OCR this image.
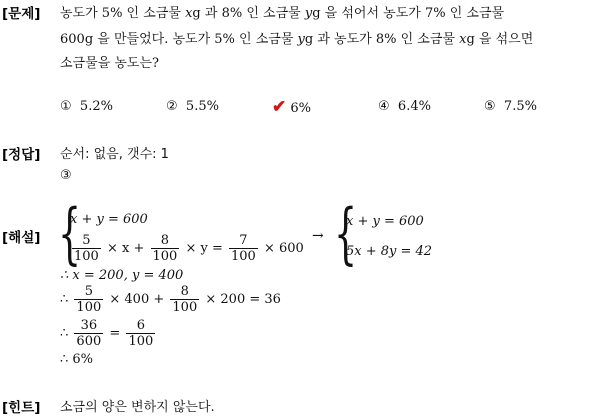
[문제]
[정답]
[해설]
[힌트]
농도가 5% 인 소금물 xg 과 8% 인 소금물 yg 을 섞어서 농도가 7% 인 소금물
600g 을 만들었다. 농도가 5% 인 소금물 yg 과 농도가 8% 인 소금물 xg 을 섞으면
소금물을 농도는?
① 5.2%	② 5.5%	✔ 6%	④ 6.4%	⑤ 7.5%
순서: 없음, 갯수: 1
③
{
x + y = 600
$\frac{5}{100} \times x + \frac{8}{100} \times y = \frac{7}{100} \times 600$
→ {
x + y = 600
5x + 8y = 42
∴ x = 200, y = 400
∴ $\frac{5}{100} \times 400 + \frac{8}{100} \times 200 = 36$
∴ $\frac{36}{600} = \frac{6}{100}$
∴ 6%
소금의 양은 변하지 않는다.
